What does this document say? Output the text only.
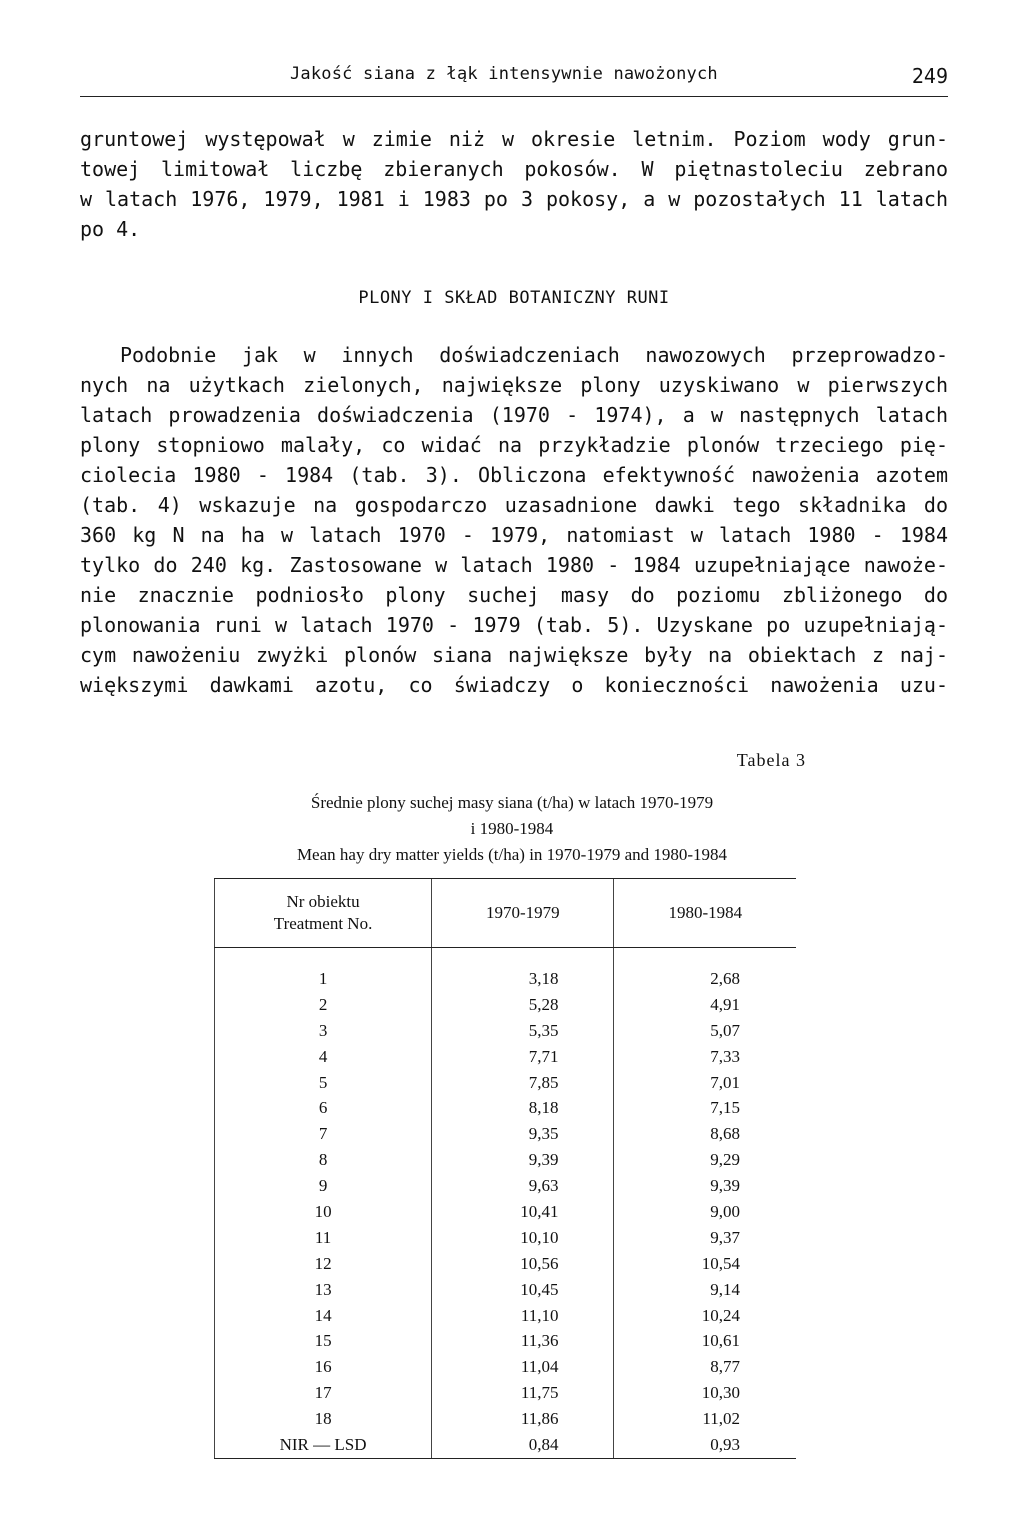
Jakość siana z łąk intensywnie nawożonych	249

gruntowej występował w zimie niż w okresie letnim. Poziom wody grun-
towej limitował liczbę zbieranych pokosów. W piętnastoleciu zebrano
w latach 1976, 1979, 1981 i 1983 po 3 pokosy, a w pozostałych 11 latach
po 4.

PLONY I SKŁAD BOTANICZNY RUNI

Podobnie jak w innych doświadczeniach nawozowych przeprowadzo-
nych na użytkach zielonych, największe plony uzyskiwano w pierwszych
latach prowadzenia doświadczenia (1970 - 1974), a w następnych latach
plony stopniowo malały, co widać na przykładzie plonów trzeciego pię-
ciolecia 1980 - 1984 (tab. 3). Obliczona efektywność nawożenia azotem
(tab. 4) wskazuje na gospodarczo uzasadnione dawki tego składnika do
360 kg N na ha w latach 1970 - 1979, natomiast w latach 1980 - 1984
tylko do 240 kg. Zastosowane w latach 1980 - 1984 uzupełniające nawoże-
nie znacznie podniosło plony suchej masy do poziomu zbliżonego do
plonowania runi w latach 1970 - 1979 (tab. 5). Uzyskane po uzupełniają-
cym nawożeniu zwyżki plonów siana największe były na obiektach z naj-
większymi dawkami azotu, co świadczy o konieczności nawożenia uzu-

Tabela 3
Średnie plony suchej masy siana (t/ha) w latach 1970-1979
i 1980-1984
Mean hay dry matter yields (t/ha) in 1970-1979 and 1980-1984
Nr obiektu
Treatment No.	1970-1979	1980-1984
1	3,18	2,68
2	5,28	4,91
3	5,35	5,07
4	7,71	7,33
5	7,85	7,01
6	8,18	7,15
7	9,35	8,68
8	9,39	9,29
9	9,63	9,39
10	10,41	9,00
11	10,10	9,37
12	10,56	10,54
13	10,45	9,14
14	11,10	10,24
15	11,36	10,61
16	11,04	8,77
17	11,75	10,30
18	11,86	11,02
NIR — LSD	0,84	0,93
